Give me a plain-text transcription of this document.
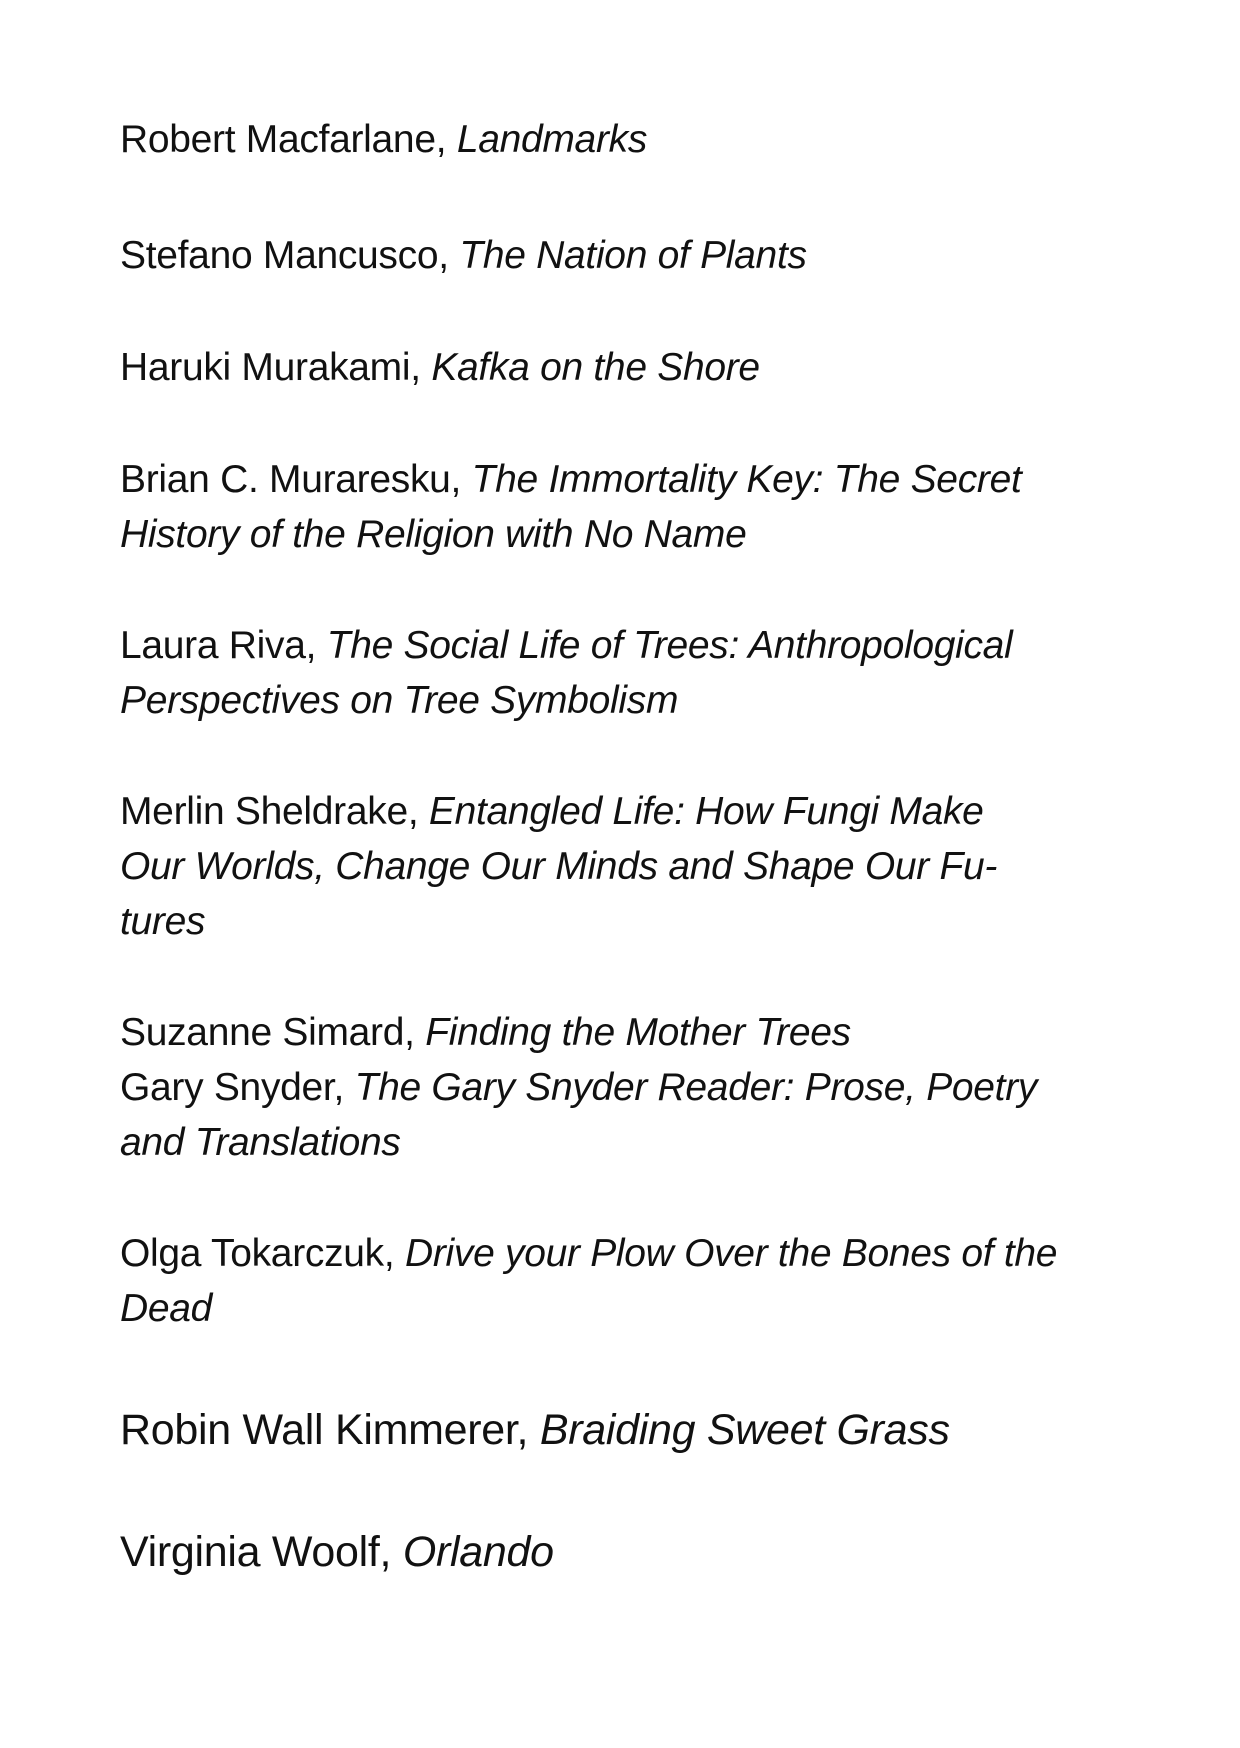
Robert Macfarlane, Landmarks

Stefano Mancusco, The Nation of Plants

Haruki Murakami, Kafka on the Shore

Brian C. Muraresku, The Immortality Key: The Secret
History of the Religion with No Name

Laura Riva, The Social Life of Trees: Anthropological
Perspectives on Tree Symbolism

Merlin Sheldrake, Entangled Life: How Fungi Make
Our Worlds, Change Our Minds and Shape Our Fu-
tures

Suzanne Simard, Finding the Mother Trees
Gary Snyder, The Gary Snyder Reader: Prose, Poetry
and Translations

Olga Tokarczuk, Drive your Plow Over the Bones of the
Dead

Robin Wall Kimmerer, Braiding Sweet Grass

Virginia Woolf, Orlando
